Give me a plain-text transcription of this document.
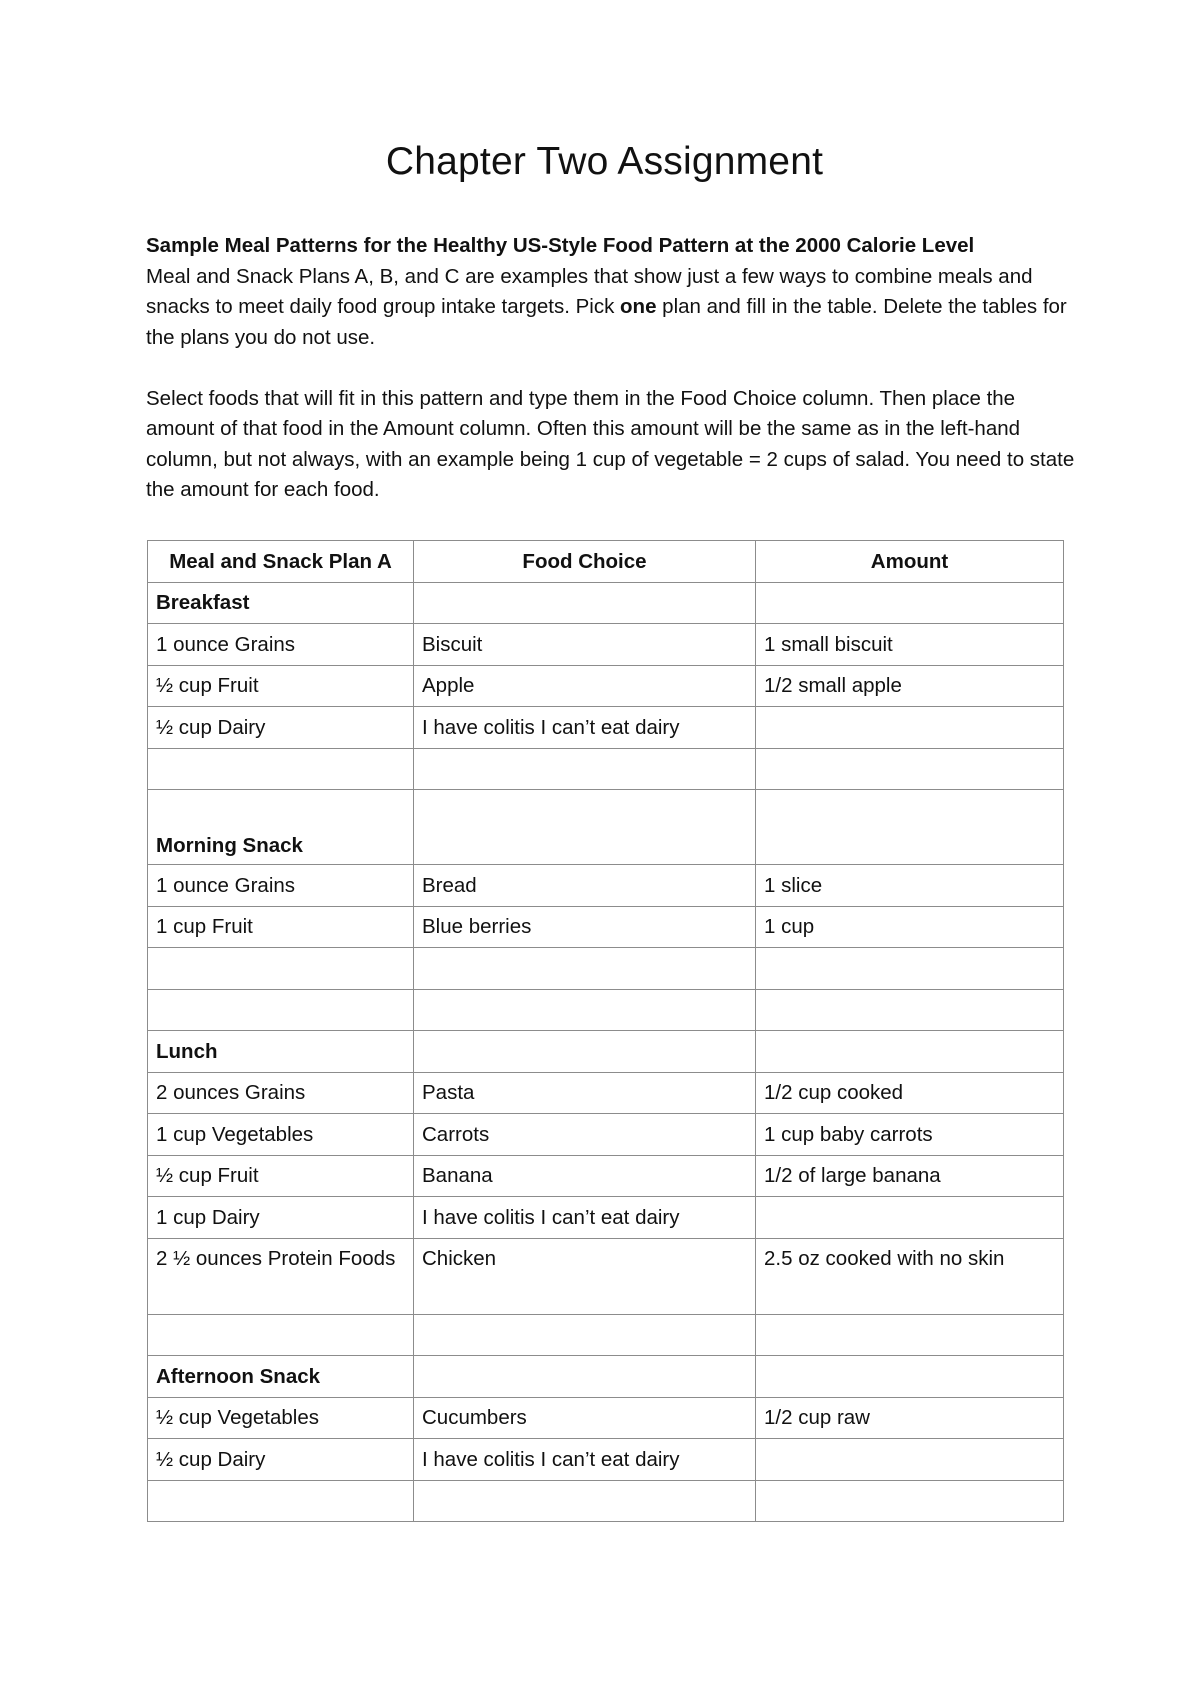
Chapter Two Assignment

Sample Meal Patterns for the Healthy US-Style Food Pattern at the 2000 Calorie Level

Meal and Snack Plans A, B, and C are examples that show just a few ways to combine meals and snacks to meet daily food group intake targets. Pick one plan and fill in the table. Delete the tables for the plans you do not use.

Select foods that will fit in this pattern and type them in the Food Choice column. Then place the amount of that food in the Amount column. Often this amount will be the same as in the left-hand column, but not always, with an example being 1 cup of vegetable = 2 cups of salad. You need to state the amount for each food.

Meal and Snack Plan A	Food Choice	Amount
Breakfast		
1 ounce Grains	Biscuit	1 small biscuit
½ cup Fruit	Apple	1/2 small apple
½ cup Dairy	I have colitis I can’t eat dairy	

Morning Snack		
1 ounce Grains	Bread	1 slice
1 cup Fruit	Blue berries	1 cup

Lunch		
2 ounces Grains	Pasta	1/2 cup cooked
1 cup Vegetables	Carrots	1 cup baby carrots
½ cup Fruit	Banana	1/2 of large banana
1 cup Dairy	I have colitis I can’t eat dairy	
2 ½ ounces Protein Foods	Chicken	2.5 oz cooked with no skin

Afternoon Snack		
½ cup Vegetables	Cucumbers	1/2 cup raw
½ cup Dairy	I have colitis I can’t eat dairy	
